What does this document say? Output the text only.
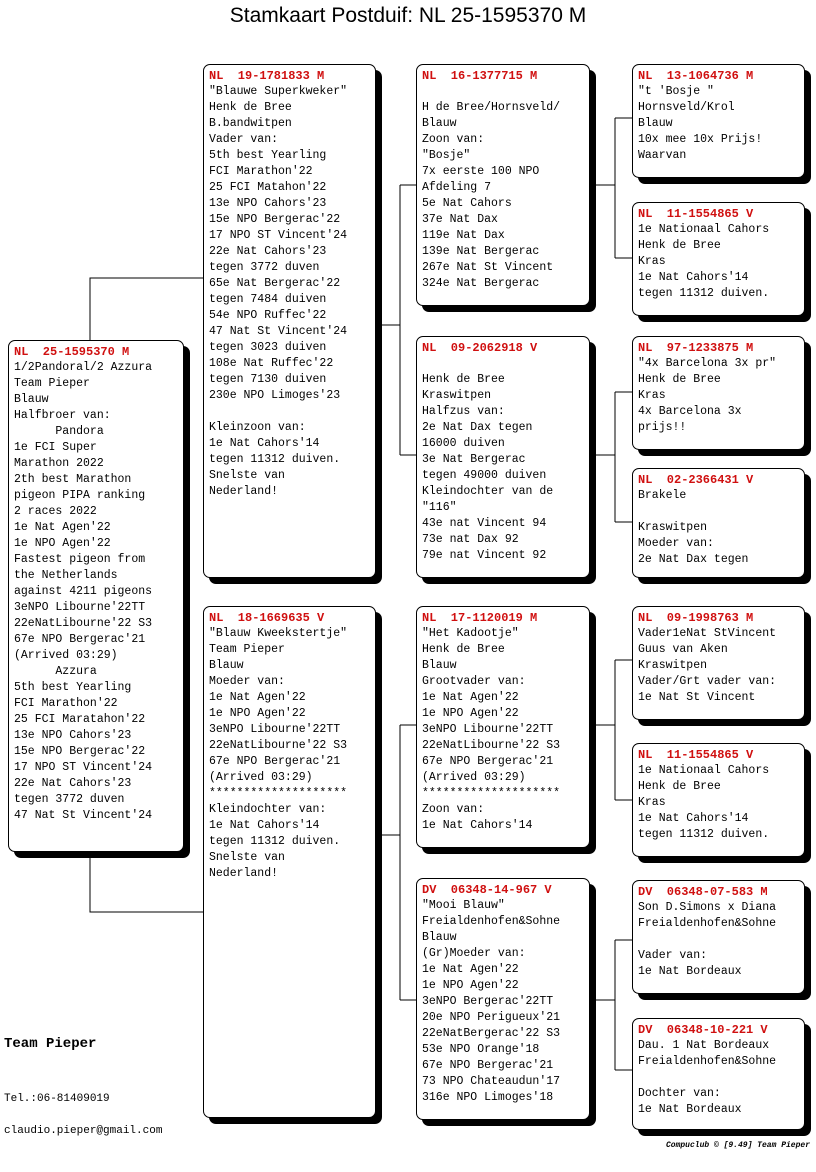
Stamkaart Postduif: NL 25-1595370 M
NL  25-1595370 M
1/2Pandoral/2 Azzura
Team Pieper
Blauw
Halfbroer van:
Pandora
1e FCI Super
Marathon 2022
2th best Marathon
pigeon PIPA ranking
2 races 2022
1e Nat Agen'22
1e NPO Agen'22
Fastest pigeon from
the Netherlands
against 4211 pigeons
3eNPO Libourne'22TT
22eNatLibourne'22 S3
67e NPO Bergerac'21
(Arrived 03:29)
Azzura
5th best Yearling
FCI Marathon'22
25 FCI Maratahon'22
13e NPO Cahors'23
15e NPO Bergerac'22
17 NPO ST Vincent'24
22e Nat Cahors'23
tegen 3772 duven
47 Nat St Vincent'24
NL  19-1781833 M
"Blauwe Superkweker"
Henk de Bree
B.bandwitpen
Vader van:
5th best Yearling
FCI Marathon'22
25 FCI Matahon'22
13e NPO Cahors'23
15e NPO Bergerac'22
17 NPO ST Vincent'24
22e Nat Cahors'23
tegen 3772 duven
65e Nat Bergerac'22
tegen 7484 duiven
54e NPO Ruffec'22
47 Nat St Vincent'24
tegen 3023 duiven
108e Nat Ruffec'22
tegen 7130 duiven
230e NPO Limoges'23

Kleinzoon van:
1e Nat Cahors'14
tegen 11312 duiven.
Snelste van
Nederland!
NL  18-1669635 V
"Blauw Kweekstertje"
Team Pieper
Blauw
Moeder van:
1e Nat Agen'22
1e NPO Agen'22
3eNPO Libourne'22TT
22eNatLibourne'22 S3
67e NPO Bergerac'21
(Arrived 03:29)
********************
Kleindochter van:
1e Nat Cahors'14
tegen 11312 duiven.
Snelste van
Nederland!
NL  16-1377715 M

H de Bree/Hornsveld/
Blauw
Zoon van:
"Bosje"
7x eerste 100 NPO
Afdeling 7
5e Nat Cahors
37e Nat Dax
119e Nat Dax
139e Nat Bergerac
267e Nat St Vincent
324e Nat Bergerac
NL  09-2062918 V

Henk de Bree
Kraswitpen
Halfzus van:
2e Nat Dax tegen
16000 duiven
3e Nat Bergerac
tegen 49000 duiven
Kleindochter van de
"116"
43e nat Vincent 94
73e nat Dax 92
79e nat Vincent 92
NL  17-1120019 M
"Het Kadootje"
Henk de Bree
Blauw
Grootvader van:
1e Nat Agen'22
1e NPO Agen'22
3eNPO Libourne'22TT
22eNatLibourne'22 S3
67e NPO Bergerac'21
(Arrived 03:29)
********************
Zoon van:
1e Nat Cahors'14
DV  06348-14-967 V
"Mooi Blauw"
Freialdenhofen&Sohne
Blauw
(Gr)Moeder van:
1e Nat Agen'22
1e NPO Agen'22
3eNPO Bergerac'22TT
20e NPO Perigueux'21
22eNatBergerac'22 S3
53e NPO Orange'18
67e NPO Bergerac'21
73 NPO Chateaudun'17
316e NPO Limoges'18
NL  13-1064736 M
"t 'Bosje "
Hornsveld/Krol
Blauw
10x mee 10x Prijs!
Waarvan
NL  11-1554865 V
1e Nationaal Cahors
Henk de Bree
Kras
1e Nat Cahors'14
tegen 11312 duiven.
NL  97-1233875 M
"4x Barcelona 3x pr"
Henk de Bree
Kras
4x Barcelona 3x
prijs!!
NL  02-2366431 V
Brakele

Kraswitpen
Moeder van:
2e Nat Dax tegen
NL  09-1998763 M
Vader1eNat StVincent
Guus van Aken
Kraswitpen
Vader/Grt vader van:
1e Nat St Vincent
NL  11-1554865 V
1e Nationaal Cahors
Henk de Bree
Kras
1e Nat Cahors'14
tegen 11312 duiven.
DV  06348-07-583 M
Son D.Simons x Diana
Freialdenhofen&Sohne

Vader van:
1e Nat Bordeaux
DV  06348-10-221 V
Dau. 1 Nat Bordeaux
Freialdenhofen&Sohne

Dochter van:
1e Nat Bordeaux
Team Pieper
Tel.:06-81409019
claudio.pieper@gmail.com
Compuclub © [9.49] Team Pieper
